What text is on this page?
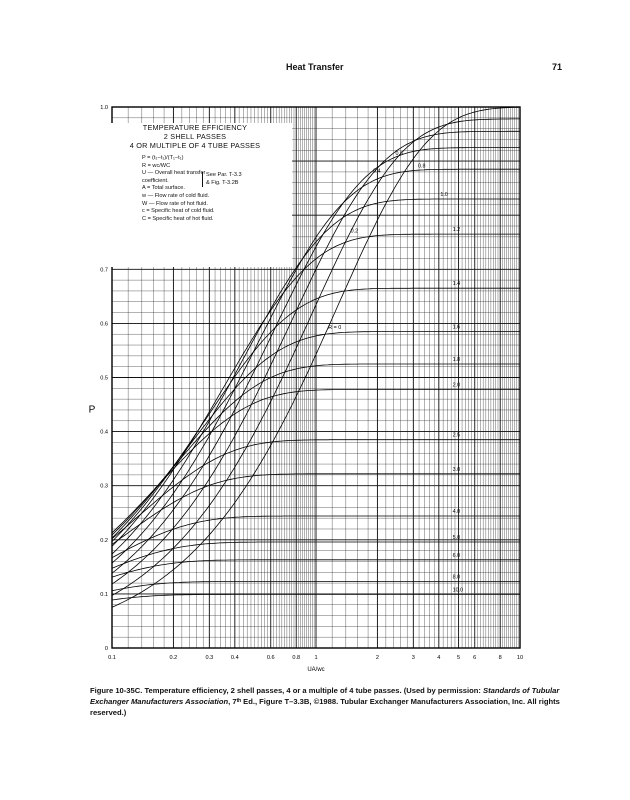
Heat Transfer	71
R = 0
0.2
0.4
0.6
0.8
1.0
1.2
1.4
1.6
1.8
2.0
2.5
3.0
4.0
5.0
6.0
8.0
10.0
0.1	0.2	0.3	0.4	0.6	0.8	1	2	3	4	5 6	8	10
0
0.1
0.2
0.3
0.4
0.5
0.6
0.7
1.0
UA/wc
P
TEMPERATURE EFFICIENCY
2 SHELL PASSES
4 OR MULTIPLE OF 4 TUBE PASSES
P = (t₂−t₁)/(T₁−t₁)
R = wc/WC
U — Overall heat transfer
coefficient.
A = Total surface.
w — Flow rate of cold fluid.
W — Flow rate of hot fluid.
c = Specific heat of cold fluid.
C = Specific heat of hot fluid.
See Par. T-3.3
& Fig. T-3.2B
Figure 10-35C. Temperature efficiency, 2 shell passes, 4 or a multiple of 4 tube passes. (Used by permission: Standards of Tubular Exchanger Manufacturers Association, 7ᵗʰ Ed., Figure T–3.3B, ©1988. Tubular Exchanger Manufacturers Association, Inc. All rights reserved.)
